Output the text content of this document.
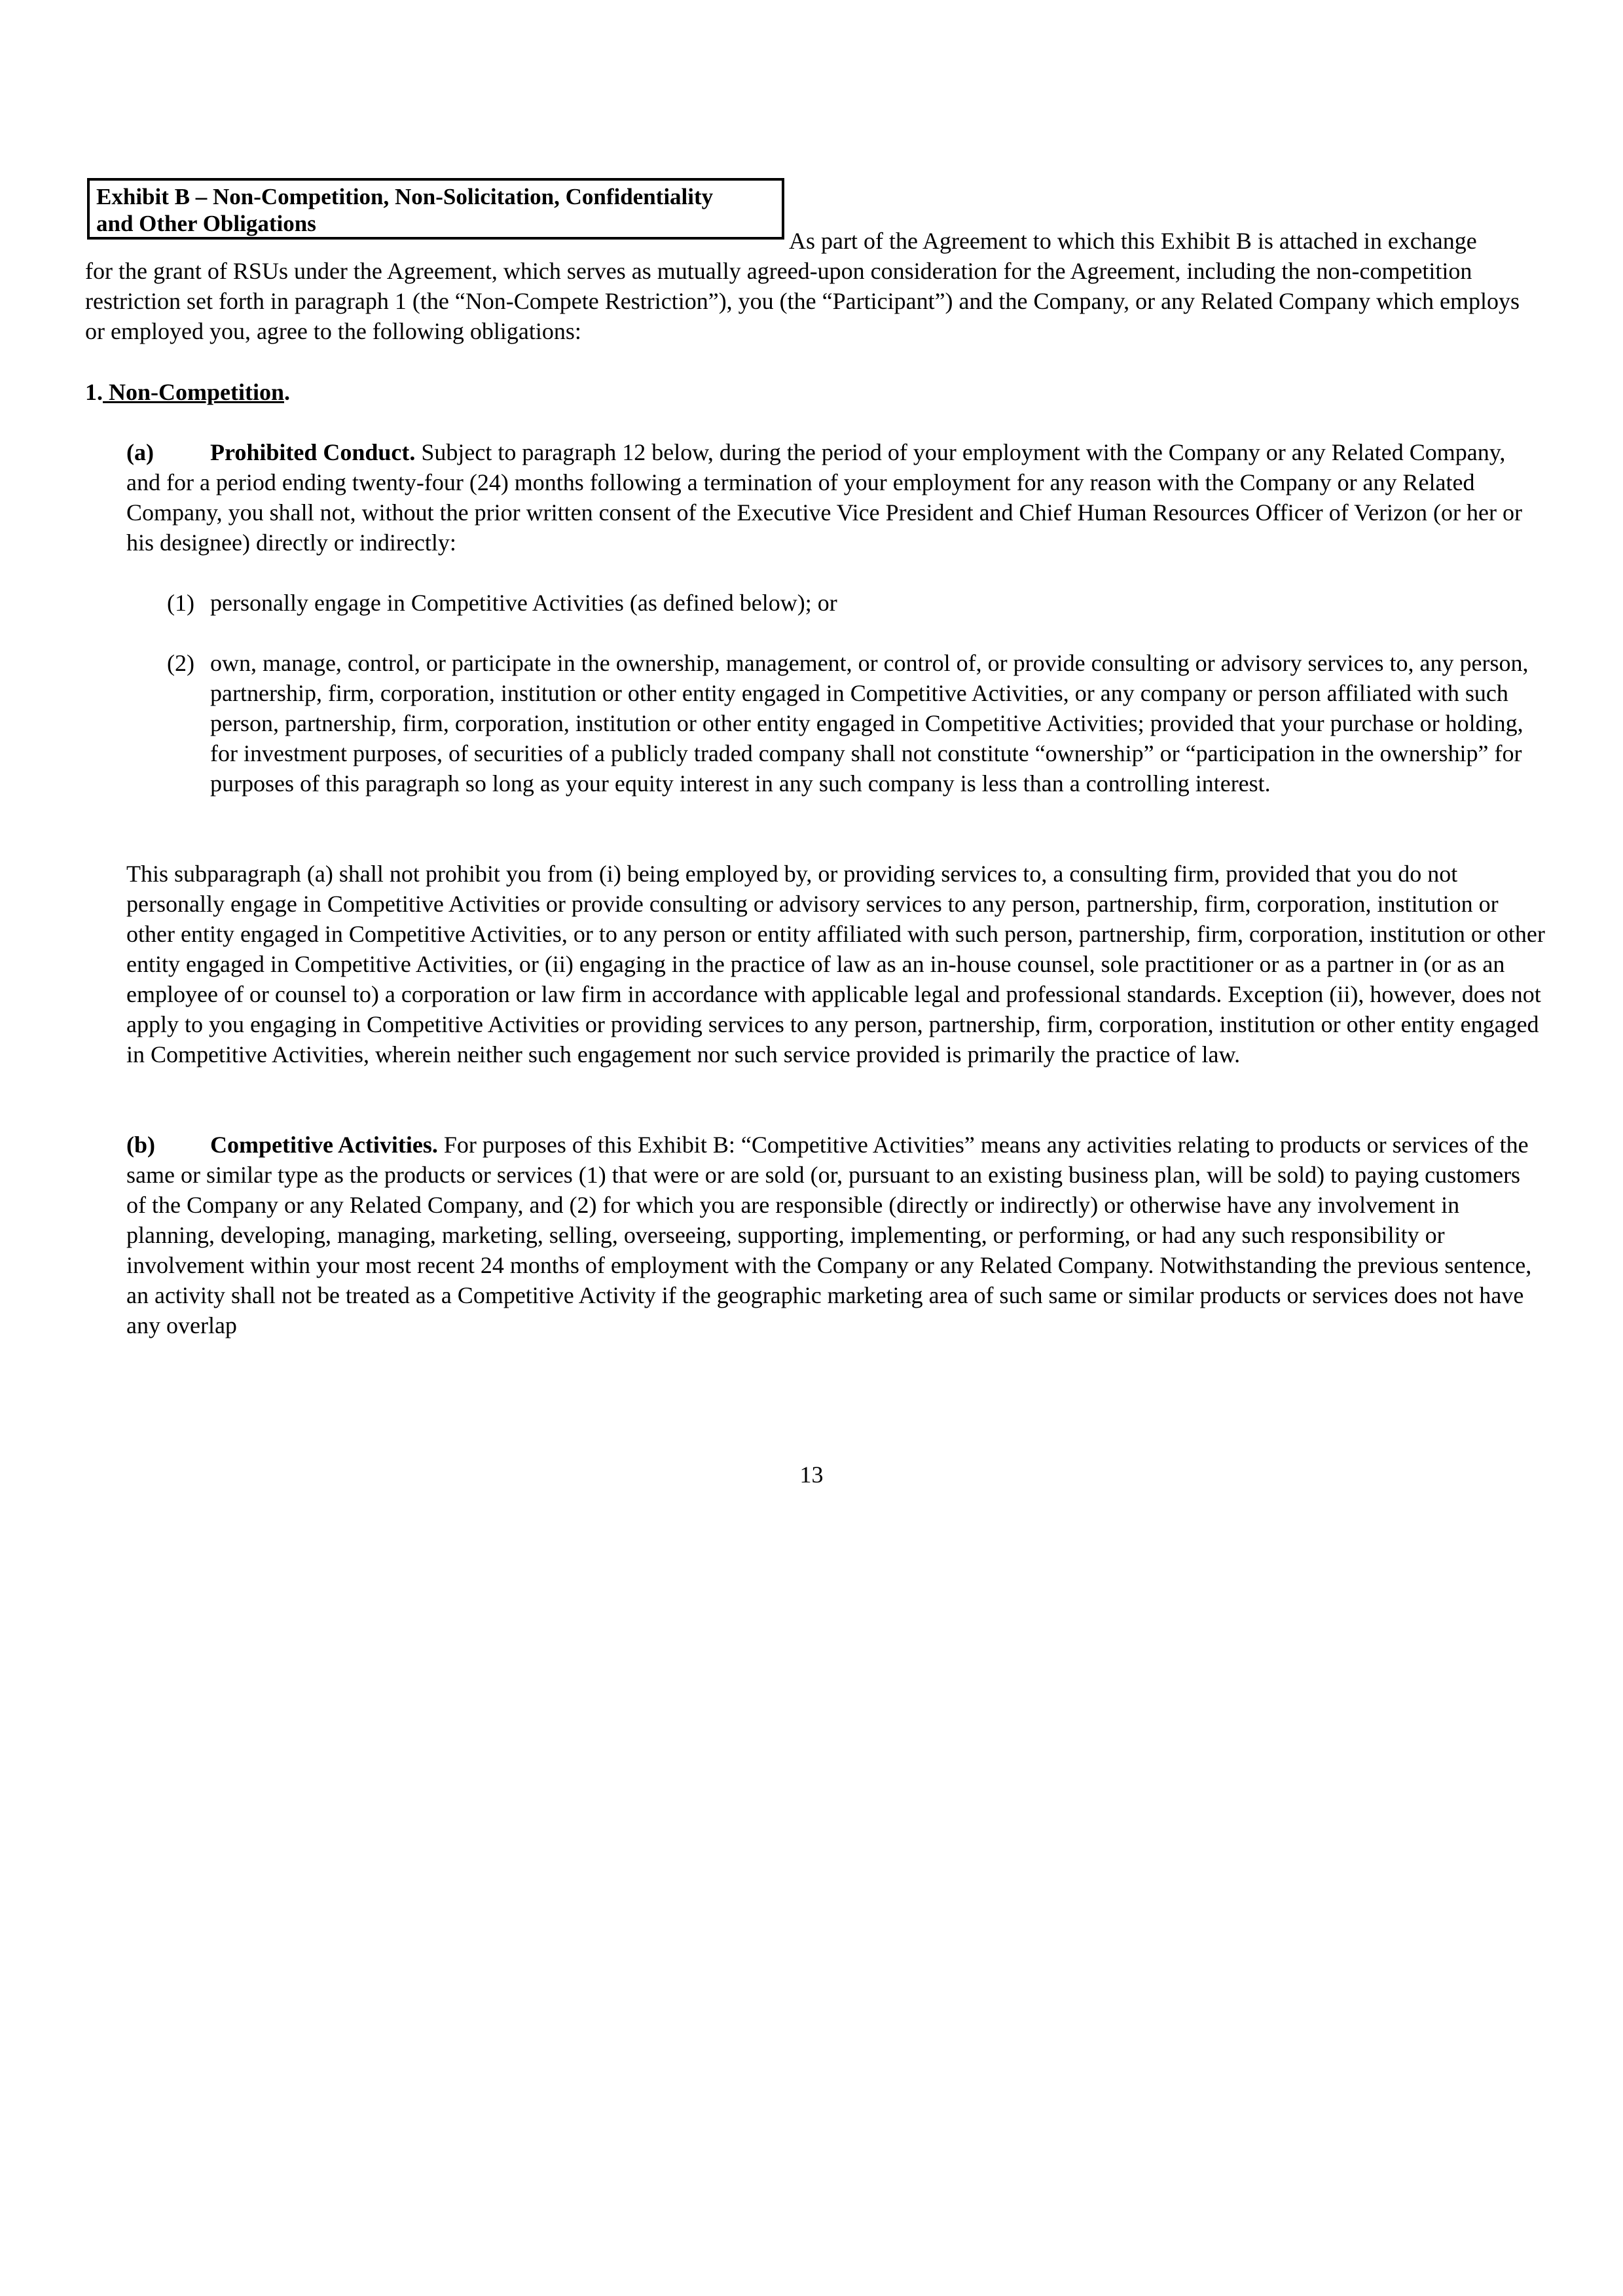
Exhibit B – Non-Competition, Non-Solicitation, Confidentiality
and Other Obligations
As part of the Agreement to which this Exhibit B is attached in exchange
for the grant of RSUs under the Agreement, which serves as mutually agreed-upon consideration for the Agreement, including the non-competition restriction set forth in paragraph 1 (the “Non-Compete Restriction”), you (the “Participant”) and the Company, or any Related Company which employs or employed you, agree to the following obligations:
1. Non-Competition.
(a) Prohibited Conduct. Subject to paragraph 12 below, during the period of your employment with the Company or any Related Company, and for a period ending twenty-four (24) months following a termination of your employment for any reason with the Company or any Related Company, you shall not, without the prior written consent of the Executive Vice President and Chief Human Resources Officer of Verizon (or her or his designee) directly or indirectly:
(1) personally engage in Competitive Activities (as defined below); or
(2) own, manage, control, or participate in the ownership, management, or control of, or provide consulting or advisory services to, any person, partnership, firm, corporation, institution or other entity engaged in Competitive Activities, or any company or person affiliated with such person, partnership, firm, corporation, institution or other entity engaged in Competitive Activities; provided that your purchase or holding, for investment purposes, of securities of a publicly traded company shall not constitute “ownership” or “participation in the ownership” for purposes of this paragraph so long as your equity interest in any such company is less than a controlling interest.
This subparagraph (a) shall not prohibit you from (i) being employed by, or providing services to, a consulting firm, provided that you do not personally engage in Competitive Activities or provide consulting or advisory services to any person, partnership, firm, corporation, institution or other entity engaged in Competitive Activities, or to any person or entity affiliated with such person, partnership, firm, corporation, institution or other entity engaged in Competitive Activities, or (ii) engaging in the practice of law as an in-house counsel, sole practitioner or as a partner in (or as an employee of or counsel to) a corporation or law firm in accordance with applicable legal and professional standards. Exception (ii), however, does not apply to you engaging in Competitive Activities or providing services to any person, partnership, firm, corporation, institution or other entity engaged in Competitive Activities, wherein neither such engagement nor such service provided is primarily the practice of law.
(b) Competitive Activities. For purposes of this Exhibit B: “Competitive Activities” means any activities relating to products or services of the same or similar type as the products or services (1) that were or are sold (or, pursuant to an existing business plan, will be sold) to paying customers of the Company or any Related Company, and (2) for which you are responsible (directly or indirectly) or otherwise have any involvement in planning, developing, managing, marketing, selling, overseeing, supporting, implementing, or performing, or had any such responsibility or involvement within your most recent 24 months of employment with the Company or any Related Company. Notwithstanding the previous sentence, an activity shall not be treated as a Competitive Activity if the geographic marketing area of such same or similar products or services does not have any overlap
13
